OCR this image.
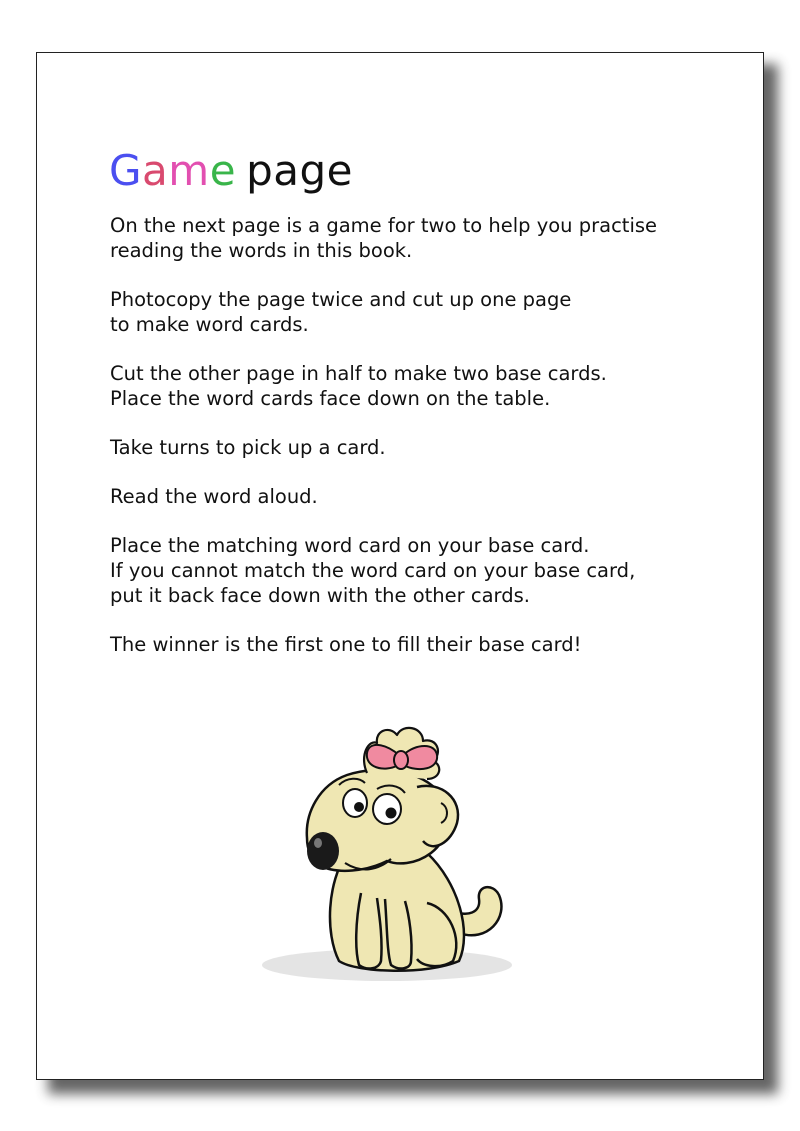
Game page

On the next page is a game for two to help you practise
reading the words in this book.

Photocopy the page twice and cut up one page
to make word cards.

Cut the other page in half to make two base cards.
Place the word cards face down on the table.

Take turns to pick up a card.

Read the word aloud.

Place the matching word card on your base card.
If you cannot match the word card on your base card,
put it back face down with the other cards.

The winner is the first one to fill their base card!
